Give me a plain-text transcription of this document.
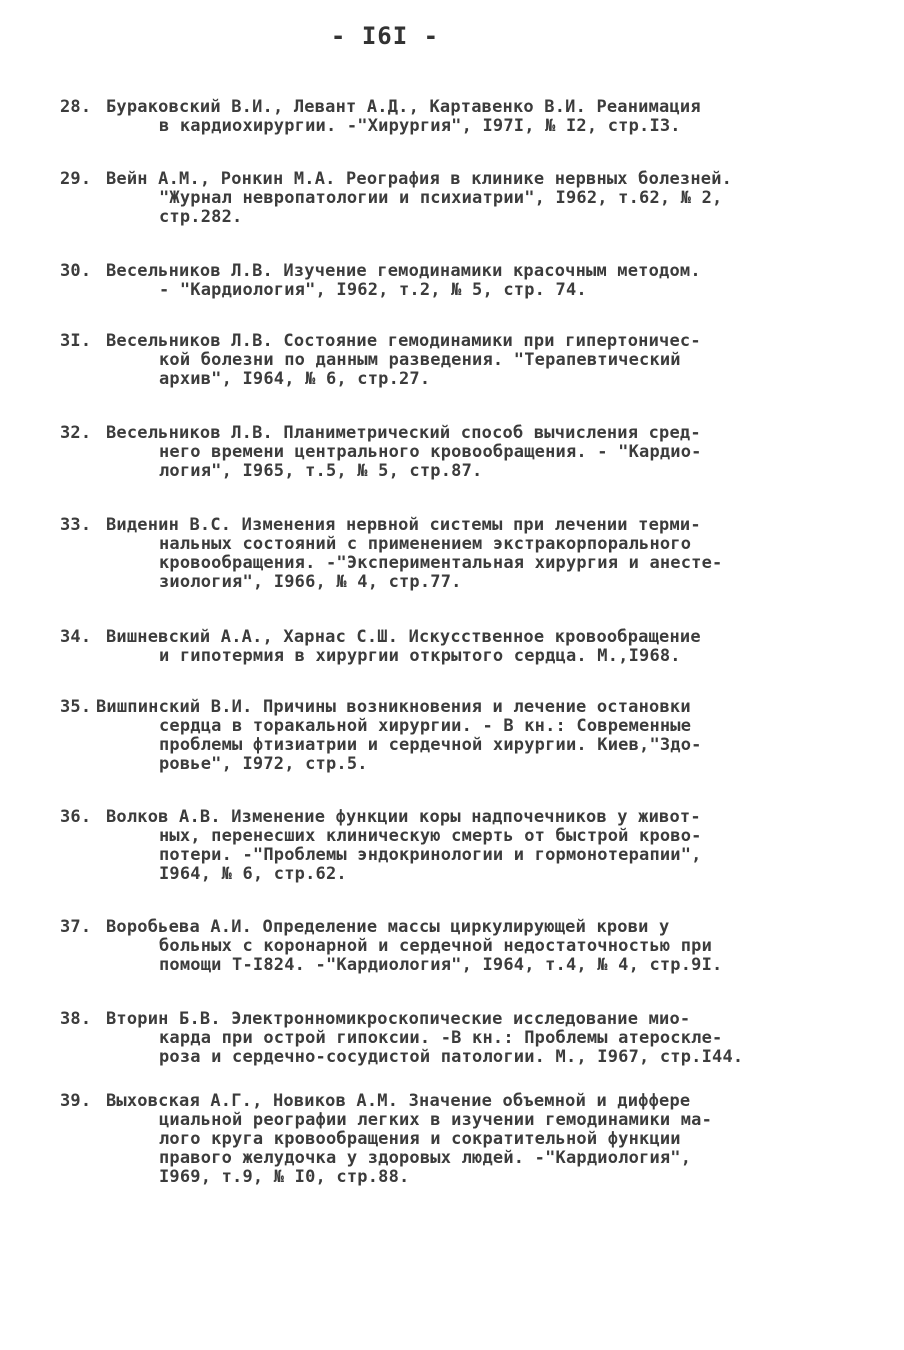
- I6I -
28. Бураковский В.И., Левант А.Д., Картавенко В.И. Реанимация
в кардиохирургии. -"Хирургия", I97I, № I2, стр.I3.
29. Вейн А.М., Ронкин М.А. Реография в клинике нервных болезней.
"Журнал невропатологии и психиатрии", I962, т.62, № 2,
стр.282.
30. Весельников Л.В. Изучение гемодинамики красочным методом.
- "Кардиология", I962, т.2, № 5, стр. 74.
3I. Весельников Л.В. Состояние гемодинамики при гипертоничес-
кой болезни по данным разведения. "Терапевтический
архив", I964, № 6, стр.27.
32. Весельников Л.В. Планиметрический способ вычисления сред-
него времени центрального кровообращения. - "Кардио-
логия", I965, т.5, № 5, стр.87.
33. Виденин В.С. Изменения нервной системы при лечении терми-
нальных состояний с применением экстракорпорального
кровообращения. -"Экспериментальная хирургия и анесте-
зиология", I966, № 4, стр.77.
34. Вишневский А.А., Харнас С.Ш. Искусственное кровообращение
и гипотермия в хирургии открытого сердца. М.,I968.
35. Вишпинский В.И. Причины возникновения и лечение остановки
сердца в торакальной хирургии. - В кн.: Современные
проблемы фтизиатрии и сердечной хирургии. Киев,"Здо-
ровье", I972, стр.5.
36. Волков А.В. Изменение функции коры надпочечников у живот-
ных, перенесших клиническую смерть от быстрой крово-
потери. -"Проблемы эндокринологии и гормонотерапии",
I964, № 6, стр.62.
37. Воробьева А.И. Определение массы циркулирующей крови у
больных с коронарной и сердечной недостаточностью при
помощи Т-I824. -"Кардиология", I964, т.4, № 4, стр.9I.
38. Вторин Б.В. Электронномикроскопические исследование мио-
карда при острой гипоксии. -В кн.: Проблемы атероскле-
роза и сердечно-сосудистой патологии. М., I967, стр.I44.
39. Выховская А.Г., Новиков А.М. Значение объемной и диффере
циальной реографии легких в изучении гемодинамики ма-
лого круга кровообращения и сократительной функции
правого желудочка у здоровых людей. -"Кардиология",
I969, т.9, № I0, стр.88.
